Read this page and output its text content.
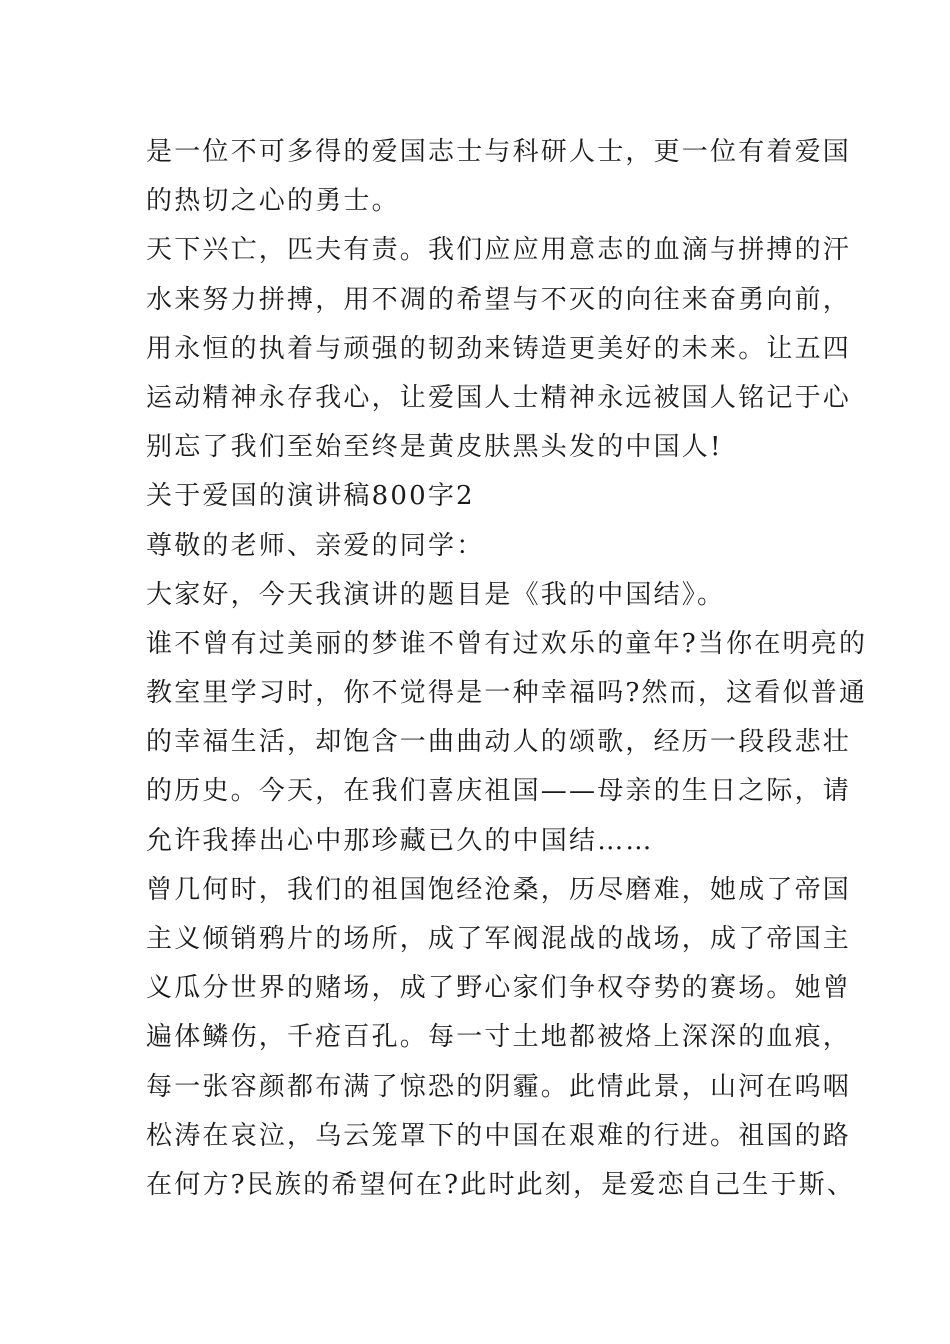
是一位不可多得的爱国志士与科研人士，更一位有着爱国
的热切之心的勇士。
天下兴亡，匹夫有责。我们应应用意志的血滴与拼搏的汗
水来努力拼搏，用不凋的希望与不灭的向往来奋勇向前，
用永恒的执着与顽强的韧劲来铸造更美好的未来。让五四
运动精神永存我心，让爱国人士精神永远被国人铭记于心
别忘了我们至始至终是黄皮肤黑头发的中国人!
关于爱国的演讲稿800字2
尊敬的老师、亲爱的同学：
大家好，今天我演讲的题目是《我的中国结》。
谁不曾有过美丽的梦谁不曾有过欢乐的童年?当你在明亮的
教室里学习时，你不觉得是一种幸福吗?然而，这看似普通
的幸福生活，却饱含一曲曲动人的颂歌，经历一段段悲壮
的历史。今天，在我们喜庆祖国——母亲的生日之际，请
允许我捧出心中那珍藏已久的中国结……
曾几何时，我们的祖国饱经沧桑，历尽磨难，她成了帝国
主义倾销鸦片的场所，成了军阀混战的战场，成了帝国主
义瓜分世界的赌场，成了野心家们争权夺势的赛场。她曾
遍体鳞伤，千疮百孔。每一寸土地都被烙上深深的血痕，
每一张容颜都布满了惊恐的阴霾。此情此景，山河在呜咽
松涛在哀泣，乌云笼罩下的中国在艰难的行进。祖国的路
在何方?民族的希望何在?此时此刻，是爱恋自己生于斯、
